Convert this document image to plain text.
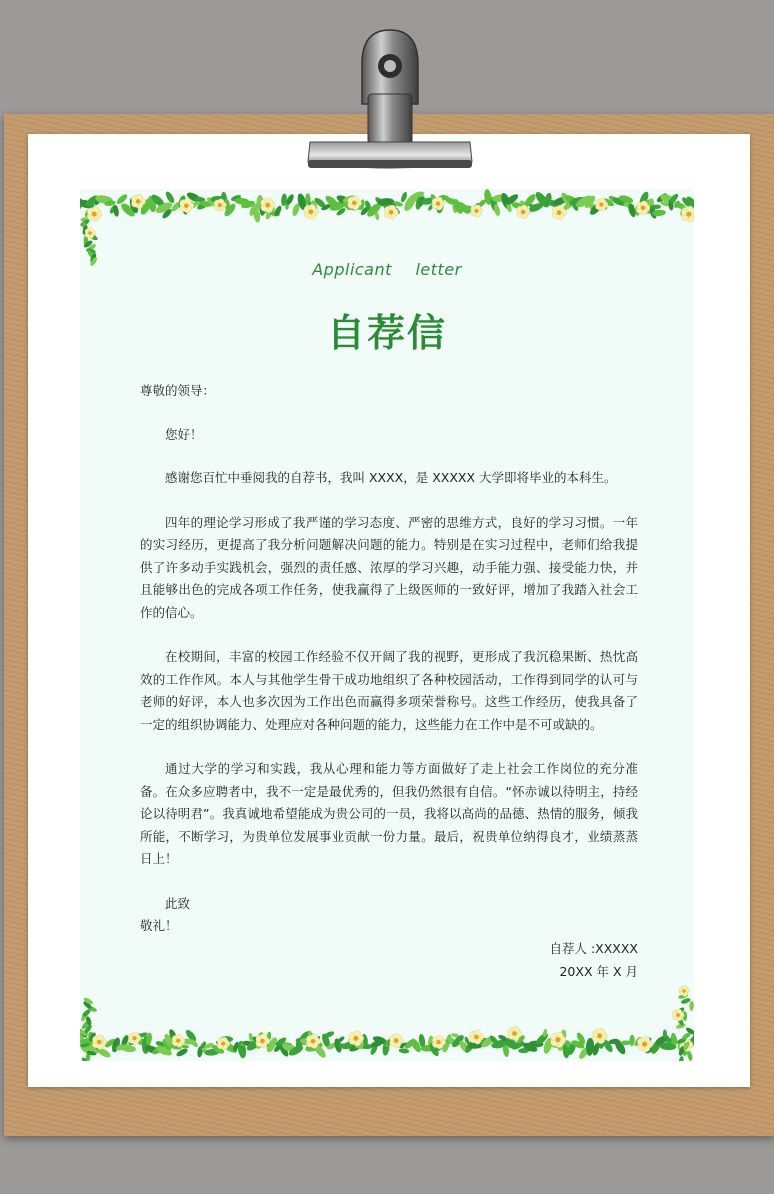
Applicant letter
自荐信

尊敬的领导：

您好！

感谢您百忙中垂阅我的自荐书，我叫 XXXX，是 XXXXX 大学即将毕业的本科生。

四年的理论学习形成了我严谨的学习态度、严密的思维方式，良好的学习习惯。一年的实习经历，更提高了我分析问题解决问题的能力。特别是在实习过程中，老师们给我提供了许多动手实践机会，强烈的责任感、浓厚的学习兴趣，动手能力强、接受能力快，并且能够出色的完成各项工作任务，使我赢得了上级医师的一致好评，增加了我踏入社会工作的信心。

在校期间，丰富的校园工作经验不仅开阔了我的视野，更形成了我沉稳果断、热忱高效的工作作风。本人与其他学生骨干成功地组织了各种校园活动，工作得到同学的认可与老师的好评，本人也多次因为工作出色而赢得多项荣誉称号。这些工作经历，使我具备了一定的组织协调能力、处理应对各种问题的能力，这些能力在工作中是不可或缺的。

通过大学的学习和实践，我从心理和能力等方面做好了走上社会工作岗位的充分准备。在众多应聘者中，我不一定是最优秀的，但我仍然很有自信。“怀赤诚以待明主，持经论以待明君”。我真诚地希望能成为贵公司的一员，我将以高尚的品德、热情的服务，倾我所能，不断学习，为贵单位发展事业贡献一份力量。最后，祝贵单位纳得良才，业绩蒸蒸日上！

此致

敬礼！

自荐人 :XXXXX
20XX 年 X 月
